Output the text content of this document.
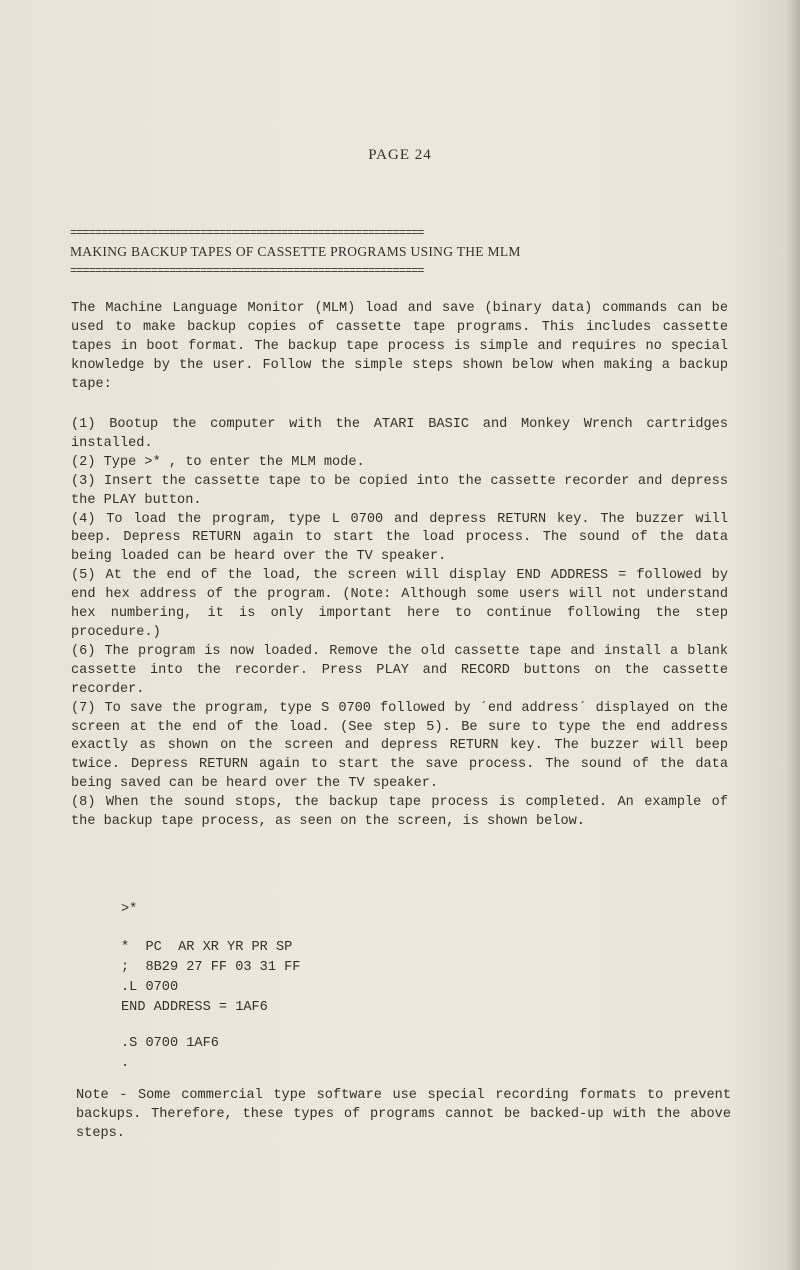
PAGE 24
=========================================================
MAKING BACKUP TAPES OF CASSETTE PROGRAMS USING THE MLM
=========================================================

The Machine Language Monitor (MLM) load and save (binary data) commands can be used to make backup copies of cassette tape programs. This includes cassette tapes in boot format. The backup tape process is simple and requires no special knowledge by the user. Follow the simple steps shown below when making a backup tape:

(1) Bootup the computer with the ATARI BASIC and Monkey Wrench cartridges installed.

(2) Type >* , to enter the MLM mode.

(3) Insert the cassette tape to be copied into the cassette recorder and depress the PLAY button.

(4) To load the program, type L 0700 and depress RETURN key. The buzzer will beep. Depress RETURN again to start the load process. The sound of the data being loaded can be heard over the TV speaker.

(5) At the end of the load, the screen will display END ADDRESS = followed by end hex address of the program. (Note: Although some users will not understand hex numbering, it is only important here to continue following the step procedure.)

(6) The program is now loaded. Remove the old cassette tape and install a blank cassette into the recorder. Press PLAY and RECORD buttons on the cassette recorder.

(7) To save the program, type S 0700 followed by ´end address´ displayed on the screen at the end of the load. (See step 5). Be sure to type the end address exactly as shown on the screen and depress RETURN key. The buzzer will beep twice. Depress RETURN again to start the save process. The sound of the data being saved can be heard over the TV speaker.

(8) When the sound stops, the backup tape process is completed. An example of the backup tape process, as seen on the screen, is shown below.

>*
*  PC  AR XR YR PR SP
;  8B29 27 FF 03 31 FF
.L 0700
END ADDRESS = 1AF6
.S 0700 1AF6
.

Note - Some commercial type software use special recording formats to prevent backups. Therefore, these types of programs cannot be backed-up with the above steps.
